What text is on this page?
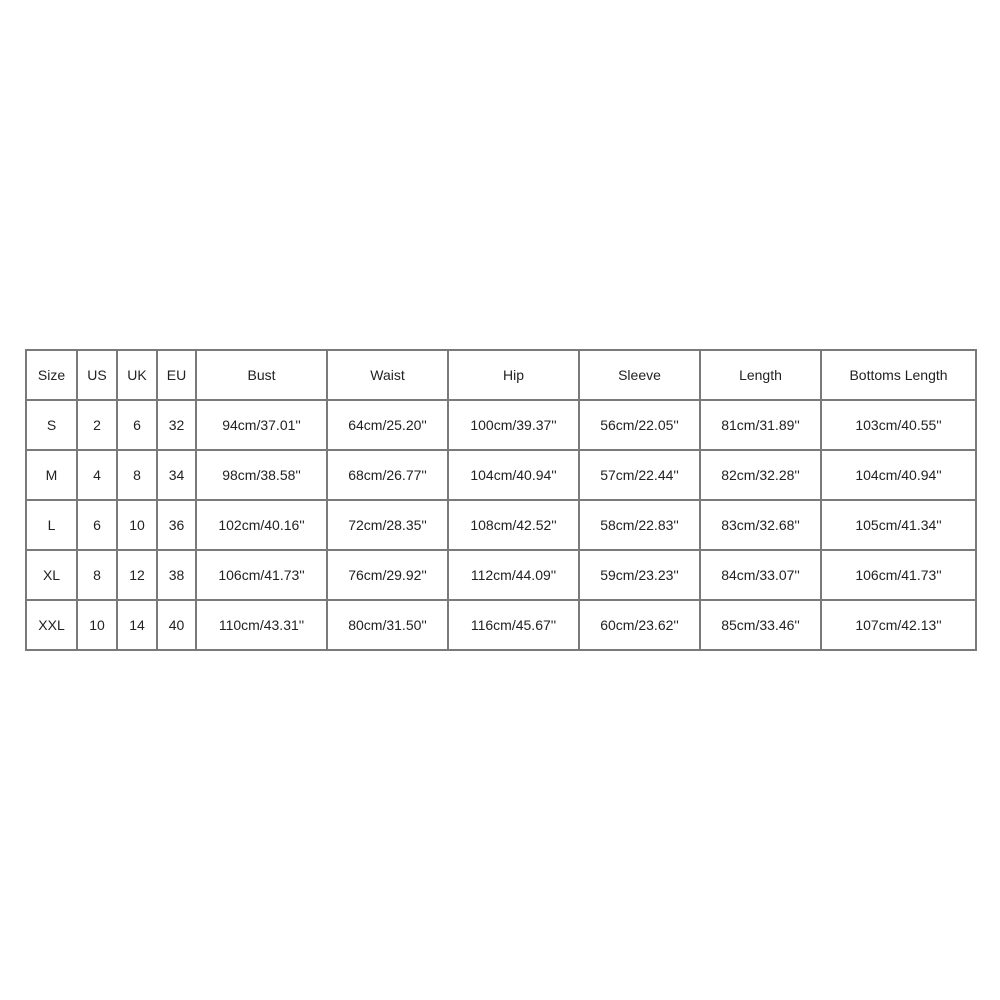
Size	US	UK	EU	Bust	Waist	Hip	Sleeve	Length	Bottoms Length
S	2	6	32	94cm/37.01''	64cm/25.20''	100cm/39.37''	56cm/22.05''	81cm/31.89''	103cm/40.55''
M	4	8	34	98cm/38.58''	68cm/26.77''	104cm/40.94''	57cm/22.44''	82cm/32.28''	104cm/40.94''
L	6	10	36	102cm/40.16''	72cm/28.35''	108cm/42.52''	58cm/22.83''	83cm/32.68''	105cm/41.34''
XL	8	12	38	106cm/41.73''	76cm/29.92''	112cm/44.09''	59cm/23.23''	84cm/33.07''	106cm/41.73''
XXL	10	14	40	110cm/43.31''	80cm/31.50''	116cm/45.67''	60cm/23.62''	85cm/33.46''	107cm/42.13''
